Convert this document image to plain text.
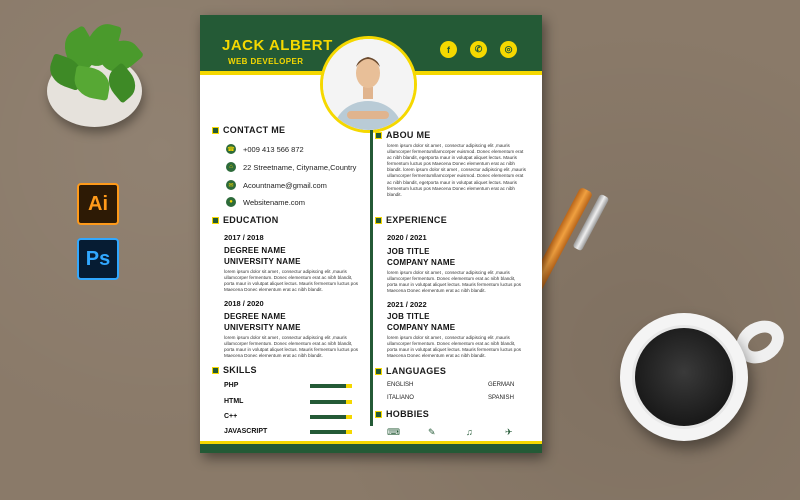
Ai
Ps
JACK ALBERT
WEB DEVELOPER
f	✆	◎
CONTACT ME
☎ +009 413 566 872
⌂	22 Streetname, Cityname,Country
✉	Acountname@gmail.com
●	Websitename.com
EDUCATION
2017 / 2018
DEGREE NAME
UNIVERSITY NAME
lorem ipsum dolor sit amet , consectur adipiscing elit ,mauris ullamcorper fermentum. Donec elementum erat ac nibh blandit, porta maur in volutpat aliquet lectus. Mauris fermentum luctus pos Maecena Donec elementum erat ac nibh blandit.
2018 / 2020
DEGREE NAME
UNIVERSITY NAME
lorem ipsum dolor sit amet , consectur adipiscing elit ,mauris ullamcorper fermentum. Donec elementum erat ac nibh blandit, porta maur in volutpat aliquet lectus. Mauris fermentum luctus pos Maecena Donec elementum erat ac nibh blandit.
SKILLS
PHP
HTML
C++
JAVASCRIPT
ABOU ME
lorem ipsum dolor sit amet , consectur adipiscing elit ,mauris ullamcorper fermentumllamcorper euismod. Donec elementum erat ac nibh blandit, egetporta maur in volutpat aliquet lectus. Mauris fermentum luctus pos Maecena Donec elementum erat ac nibh blandit. lorem ipsum dolor sit amet , consectur adipiscing elit ,mauris ullamcorper fermentumllamcorper euismod. Donec elementum erat ac nibh blandit, egetporta maur in volutpat aliquet lectus. Mauris fermentum luctus pos Maecena Donec elementum erat ac nibh blandit.
EXPERIENCE
2020 / 2021
JOB TITLE
COMPANY NAME
lorem ipsum dolor sit amet , consectur adipiscing elit ,mauris ullamcorper fermentum. Donec elementum erat ac nibh blandit, porta maur in volutpat aliquet lectus. Mauris fermentum luctus pos Maecena Donec elementum erat ac nibh blandit.
2021 / 2022
JOB TITLE
COMPANY NAME
lorem ipsum dolor sit amet , consectur adipiscing elit ,mauris ullamcorper fermentum. Donec elementum erat ac nibh blandit, porta maur in volutpat aliquet lectus. Mauris fermentum luctus pos Maecena Donec elementum erat ac nibh blandit.
LANGUAGES
ENGLISH	GERMAN
ITALIANO	SPANISH
HOBBIES
⌨	✎	♫	✈
